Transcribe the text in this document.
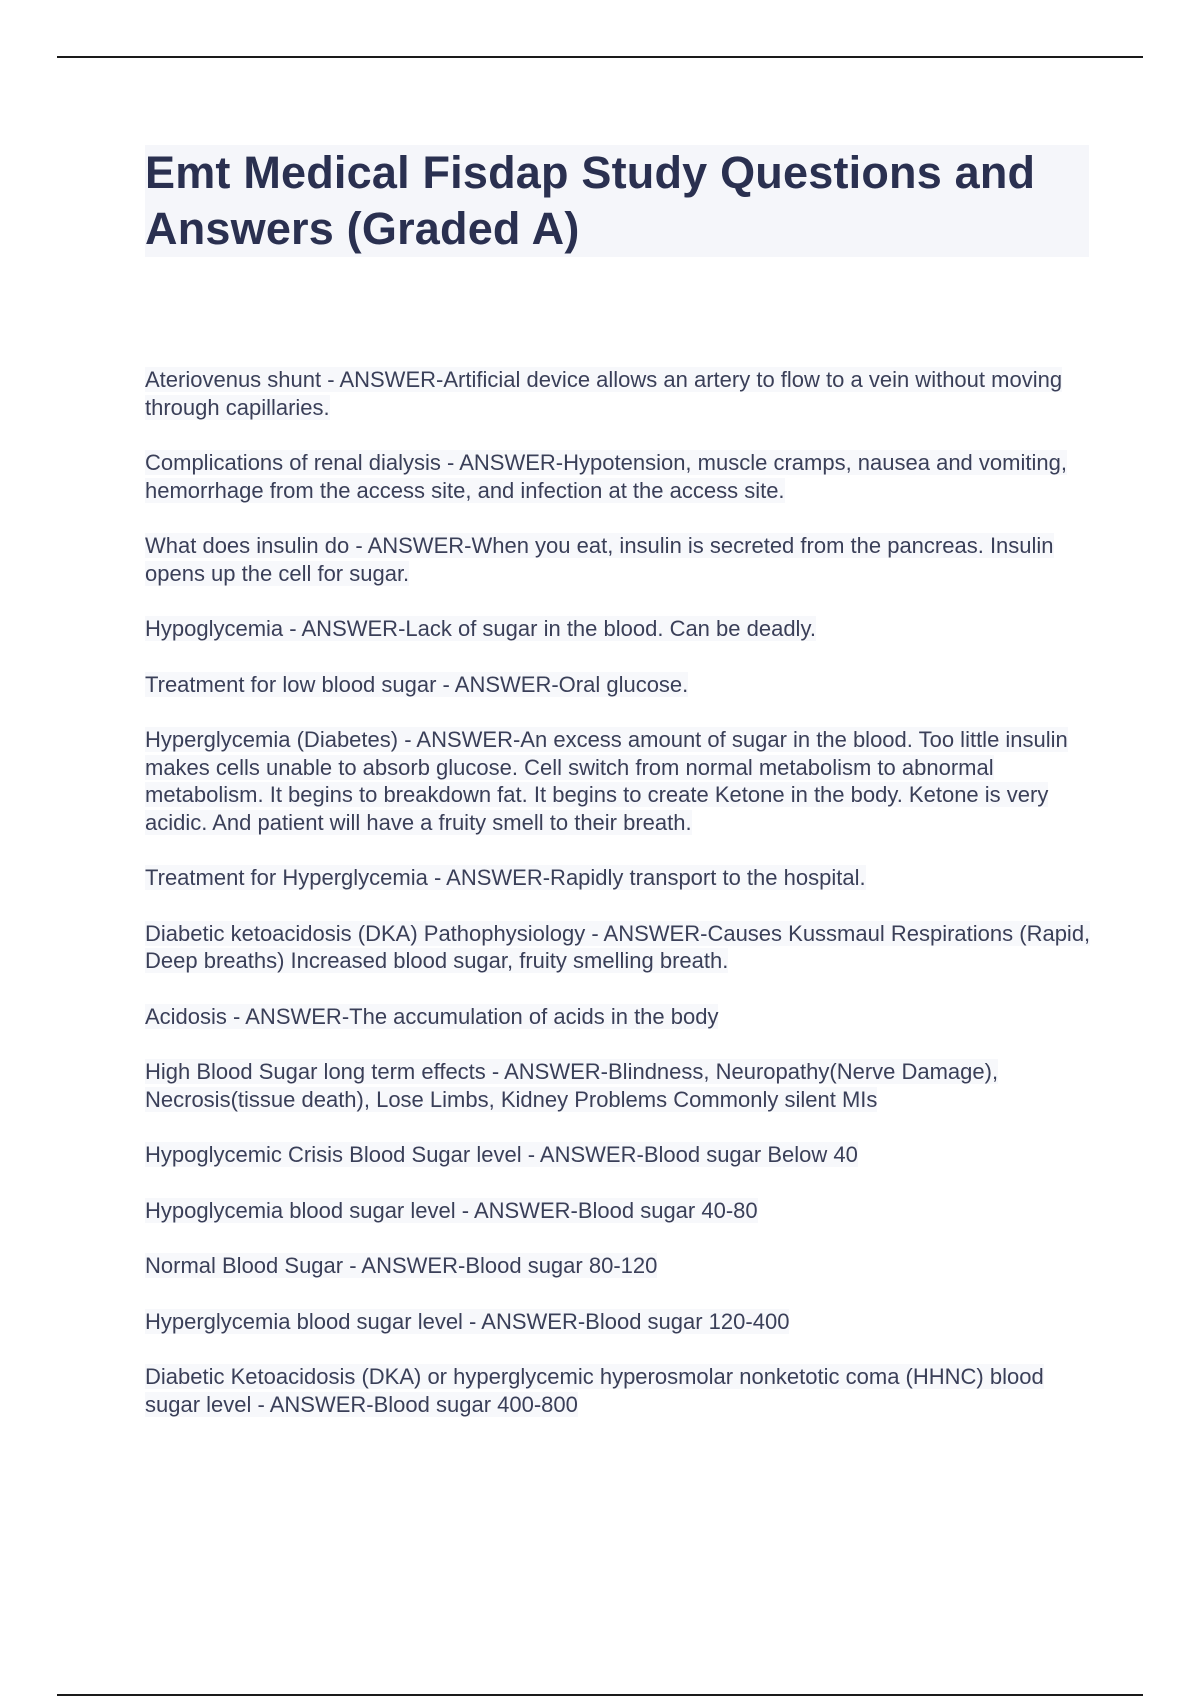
Emt Medical Fisdap Study Questions and Answers (Graded A)
Ateriovenus shunt - ANSWER-Artificial device allows an artery to flow to a vein without moving through capillaries.
Complications of renal dialysis - ANSWER-Hypotension, muscle cramps, nausea and vomiting, hemorrhage from the access site, and infection at the access site.
What does insulin do - ANSWER-When you eat, insulin is secreted from the pancreas. Insulin opens up the cell for sugar.
Hypoglycemia - ANSWER-Lack of sugar in the blood. Can be deadly.
Treatment for low blood sugar - ANSWER-Oral glucose.
Hyperglycemia (Diabetes) - ANSWER-An excess amount of sugar in the blood. Too little insulin makes cells unable to absorb glucose. Cell switch from normal metabolism to abnormal metabolism. It begins to breakdown fat. It begins to create Ketone in the body. Ketone is very acidic. And patient will have a fruity smell to their breath.
Treatment for Hyperglycemia - ANSWER-Rapidly transport to the hospital.
Diabetic ketoacidosis (DKA) Pathophysiology - ANSWER-Causes Kussmaul Respirations (Rapid, Deep breaths) Increased blood sugar, fruity smelling breath.
Acidosis - ANSWER-The accumulation of acids in the body
High Blood Sugar long term effects - ANSWER-Blindness, Neuropathy(Nerve Damage), Necrosis(tissue death), Lose Limbs, Kidney Problems Commonly silent MIs
Hypoglycemic Crisis Blood Sugar level - ANSWER-Blood sugar Below 40
Hypoglycemia blood sugar level - ANSWER-Blood sugar 40-80
Normal Blood Sugar - ANSWER-Blood sugar 80-120
Hyperglycemia blood sugar level - ANSWER-Blood sugar 120-400
Diabetic Ketoacidosis (DKA) or hyperglycemic hyperosmolar nonketotic coma (HHNC) blood sugar level - ANSWER-Blood sugar 400-800
